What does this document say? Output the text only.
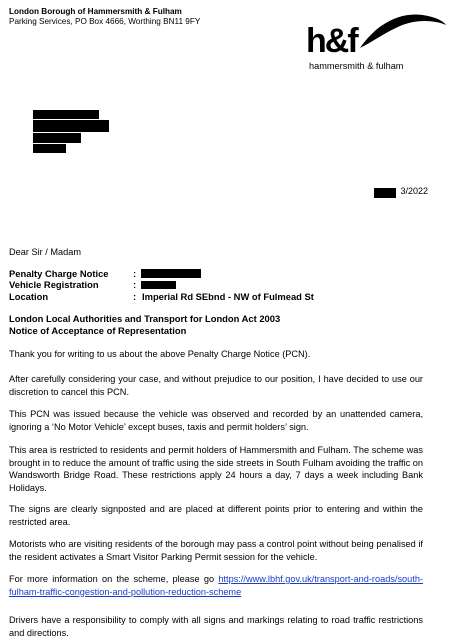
London Borough of Hammersmith & Fulham
Parking Services, PO Box 4666, Worthing BN11 9FY
h&f
hammersmith & fulham
3/2022
Dear Sir / Madam
Penalty Charge Notice	:
Vehicle Registration	:
Location	: Imperial Rd SEbnd - NW of Fulmead St
London Local Authorities and Transport for London Act 2003
Notice of Acceptance of Representation
Thank you for writing to us about the above Penalty Charge Notice (PCN).
After carefully considering your case, and without prejudice to our position, I have decided to use our discretion to cancel this PCN.
This PCN was issued because the vehicle was observed and recorded by an unattended camera, ignoring a ‘No Motor Vehicle’ except buses, taxis and permit holders’ sign.
This area is restricted to residents and permit holders of Hammersmith and Fulham. The scheme was brought in to reduce the amount of traffic using the side streets in South Fulham avoiding the traffic on Wandsworth Bridge Road. These restrictions apply 24 hours a day, 7 days a week including Bank Holidays.
The signs are clearly signposted and are placed at different points prior to entering and within the restricted area.
Motorists who are visiting residents of the borough may pass a control point without being penalised if the resident activates a Smart Visitor Parking Permit session for the vehicle.
For more information on the scheme, please go https://www.lbhf.gov.uk/transport-and-roads/south-fulham-traffic-congestion-and-pollution-reduction-scheme
Drivers have a responsibility to comply with all signs and markings relating to road traffic restrictions and directions.
